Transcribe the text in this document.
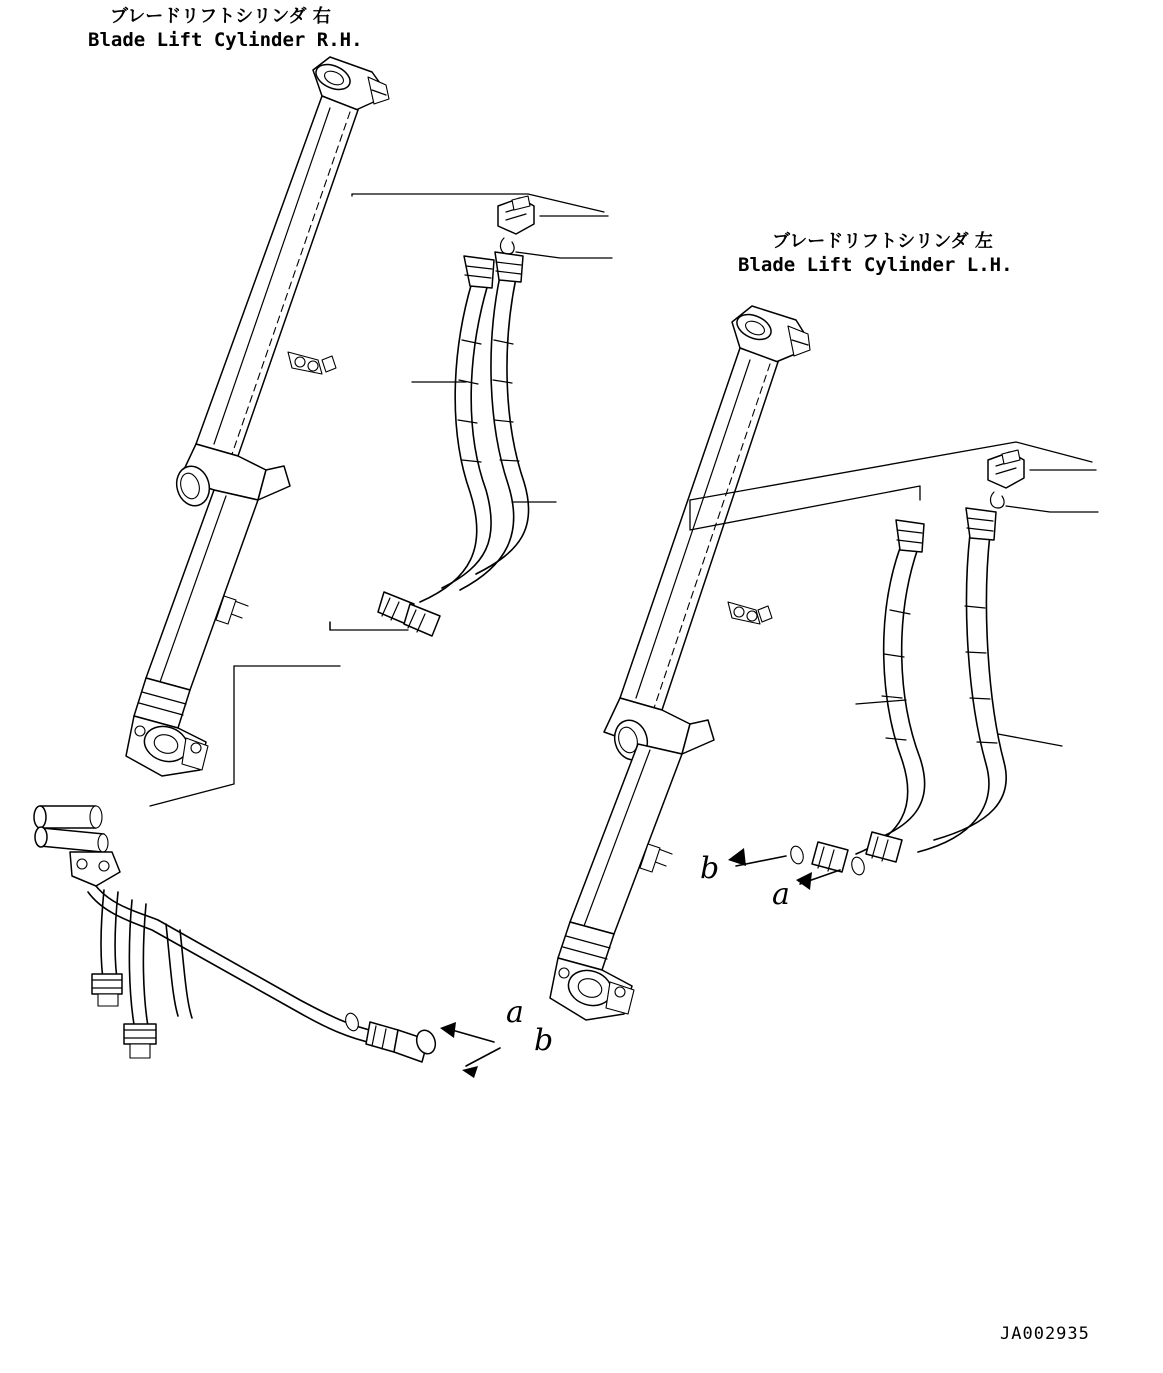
ブレードリフトシリンダ 右
Blade Lift Cylinder R.H.
ブレードリフトシリンダ 左
Blade Lift Cylinder L.H.
a
b
b
a
JA002935
